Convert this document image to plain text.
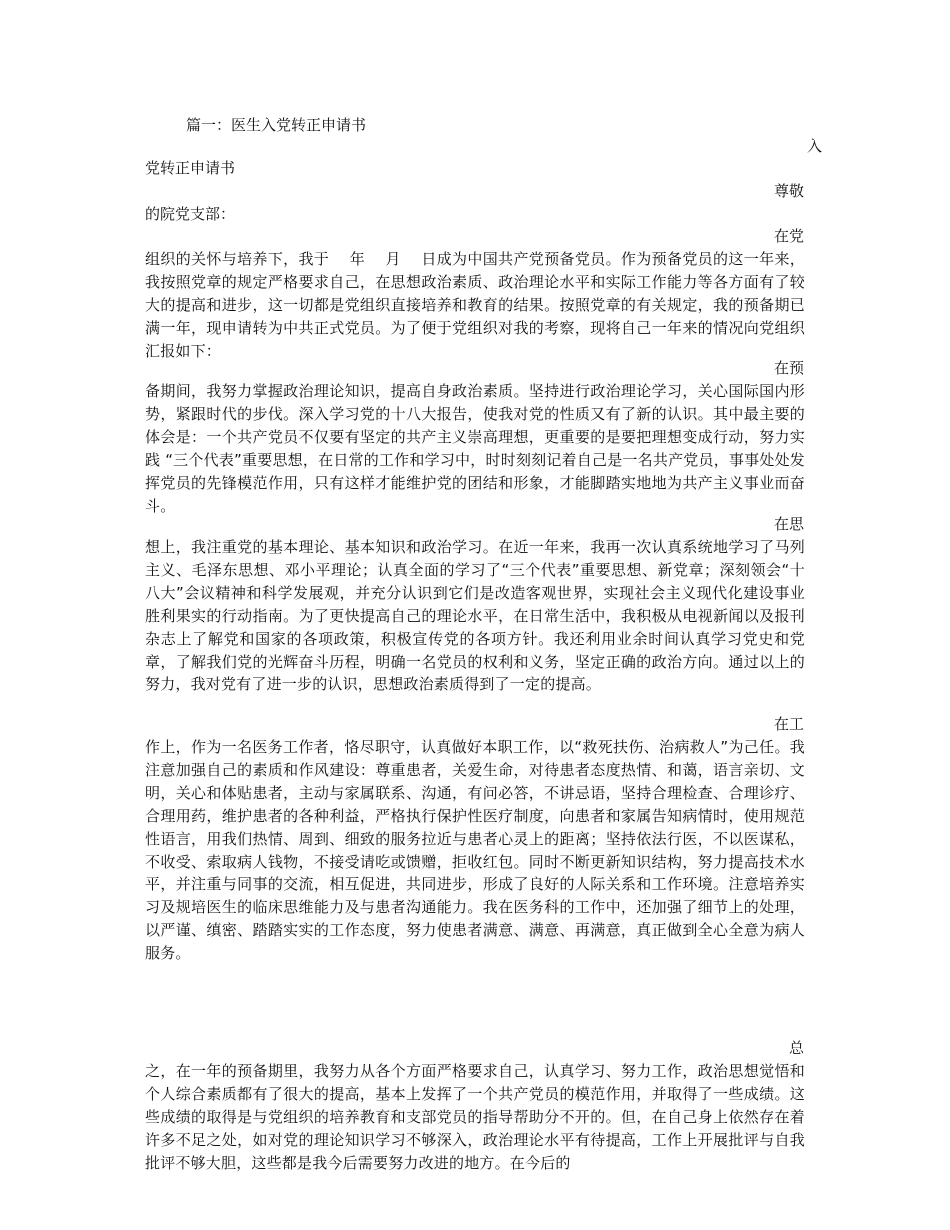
篇一：医生入党转正申请书
入
党转正申请书
尊敬
的院党支部：
在党
组织的关怀与培养下，我于　 年　 月　 日成为中国共产党预备党员。作为预备党员的这一年来，我按照党章的规定严格要求自己，在思想政治素质、政治理论水平和实际工作能力等各方面有了较大的提高和进步，这一切都是党组织直接培养和教育的结果。按照党章的有关规定，我的预备期已满一年，现申请转为中共正式党员。为了便于党组织对我的考察，现将自己一年来的情况向党组织汇报如下：
在预
备期间，我努力掌握政治理论知识，提高自身政治素质。坚持进行政治理论学习，关心国际国内形势，紧跟时代的步伐。深入学习党的十八大报告，使我对党的性质又有了新的认识。其中最主要的体会是：一个共产党员不仅要有坚定的共产主义崇高理想，更重要的是要把理想变成行动，努力实践 “三个代表”重要思想，在日常的工作和学习中，时时刻刻记着自己是一名共产党员，事事处处发挥党员的先锋模范作用，只有这样才能维护党的团结和形象，才能脚踏实地地为共产主义事业而奋斗。
在思
想上，我注重党的基本理论、基本知识和政治学习。在近一年来，我再一次认真系统地学习了马列主义、毛泽东思想、邓小平理论；认真全面的学习了“三个代表”重要思想、新党章；深刻领会“十八大”会议精神和科学发展观，并充分认识到它们是改造客观世界，实现社会主义现代化建设事业胜利果实的行动指南。为了更快提高自己的理论水平，在日常生活中，我积极从电视新闻以及报刊杂志上了解党和国家的各项政策，积极宣传党的各项方针。我还利用业余时间认真学习党史和党章，了解我们党的光辉奋斗历程，明确一名党员的权利和义务，坚定正确的政治方向。通过以上的努力，我对党有了进一步的认识，思想政治素质得到了一定的提高。
在工
作上，作为一名医务工作者，恪尽职守，认真做好本职工作，以“救死扶伤、治病救人”为己任。我注意加强自己的素质和作风建设：尊重患者，关爱生命，对待患者态度热情、和蔼，语言亲切、文明，关心和体贴患者，主动与家属联系、沟通，有问必答，不讲忌语，坚持合理检查、合理诊疗、合理用药，维护患者的各种利益，严格执行保护性医疗制度，向患者和家属告知病情时，使用规范性语言，用我们热情、周到、细致的服务拉近与患者心灵上的距离；坚持依法行医，不以医谋私，不收受、索取病人钱物，不接受请吃或馈赠，拒收红包。同时不断更新知识结构，努力提高技术水平，并注重与同事的交流，相互促进，共同进步，形成了良好的人际关系和工作环境。注意培养实习及规培医生的临床思维能力及与患者沟通能力。我在医务科的工作中，还加强了细节上的处理，以严谨、缜密、踏踏实实的工作态度，努力使患者满意、满意、再满意，真正做到全心全意为病人服务。
总
之，在一年的预备期里，我努力从各个方面严格要求自己，认真学习、努力工作，政治思想觉悟和个人综合素质都有了很大的提高，基本上发挥了一个共产党员的模范作用，并取得了一些成绩。这些成绩的取得是与党组织的培养教育和支部党员的指导帮助分不开的。但，在自己身上依然存在着许多不足之处，如对党的理论知识学习不够深入，政治理论水平有待提高，工作上开展批评与自我批评不够大胆，这些都是我今后需要努力改进的地方。在今后的
